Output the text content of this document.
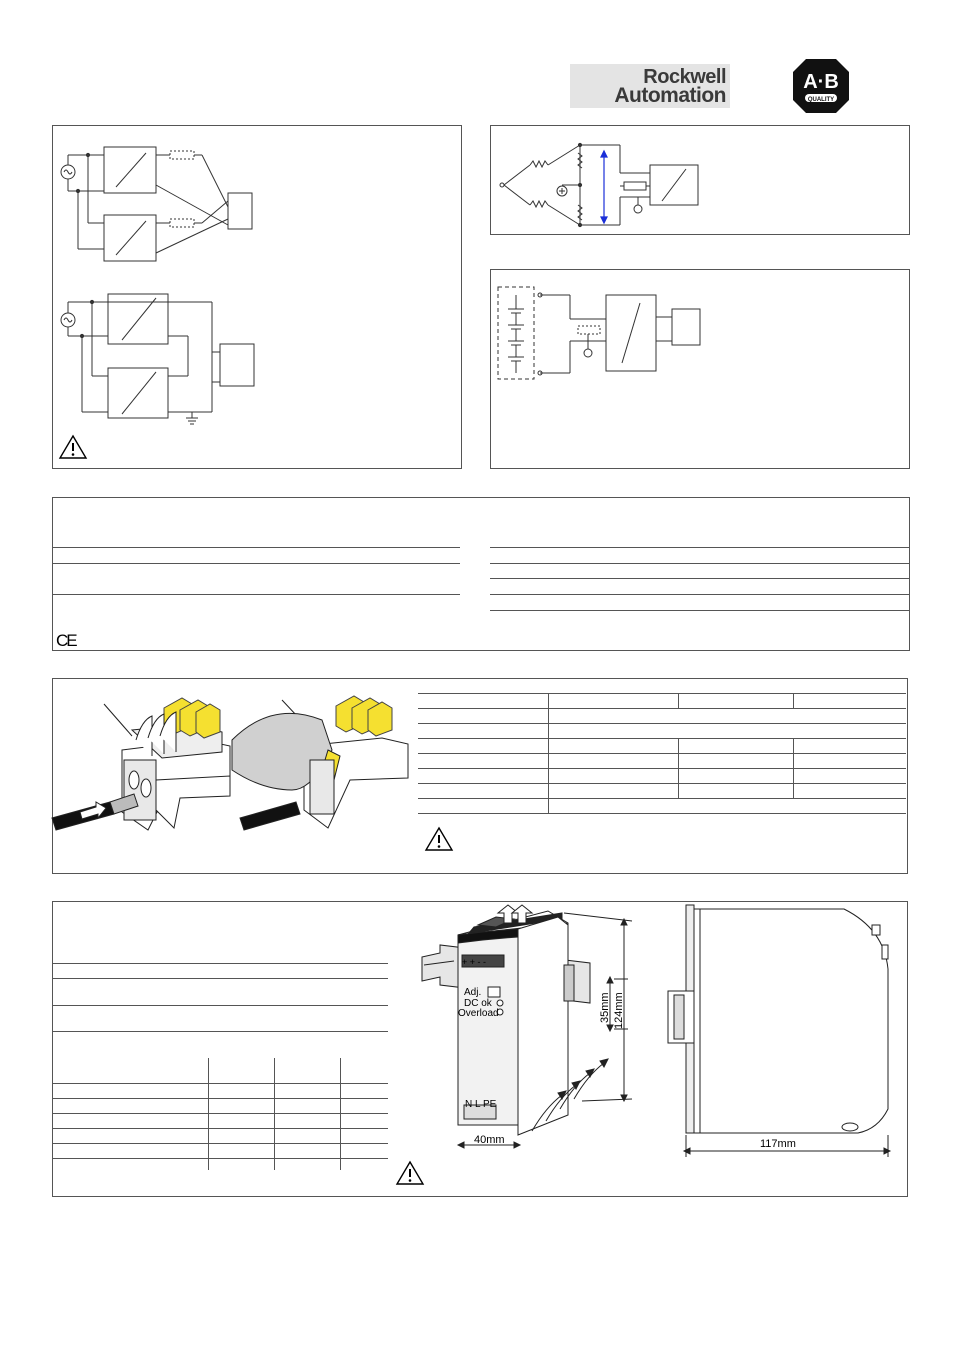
Rockwell
Automation
A·B
QUALITY
CE
+ + - -
Adj.
DC ok
Overload
N L PE
40mm
35mm 124mm
117mm
